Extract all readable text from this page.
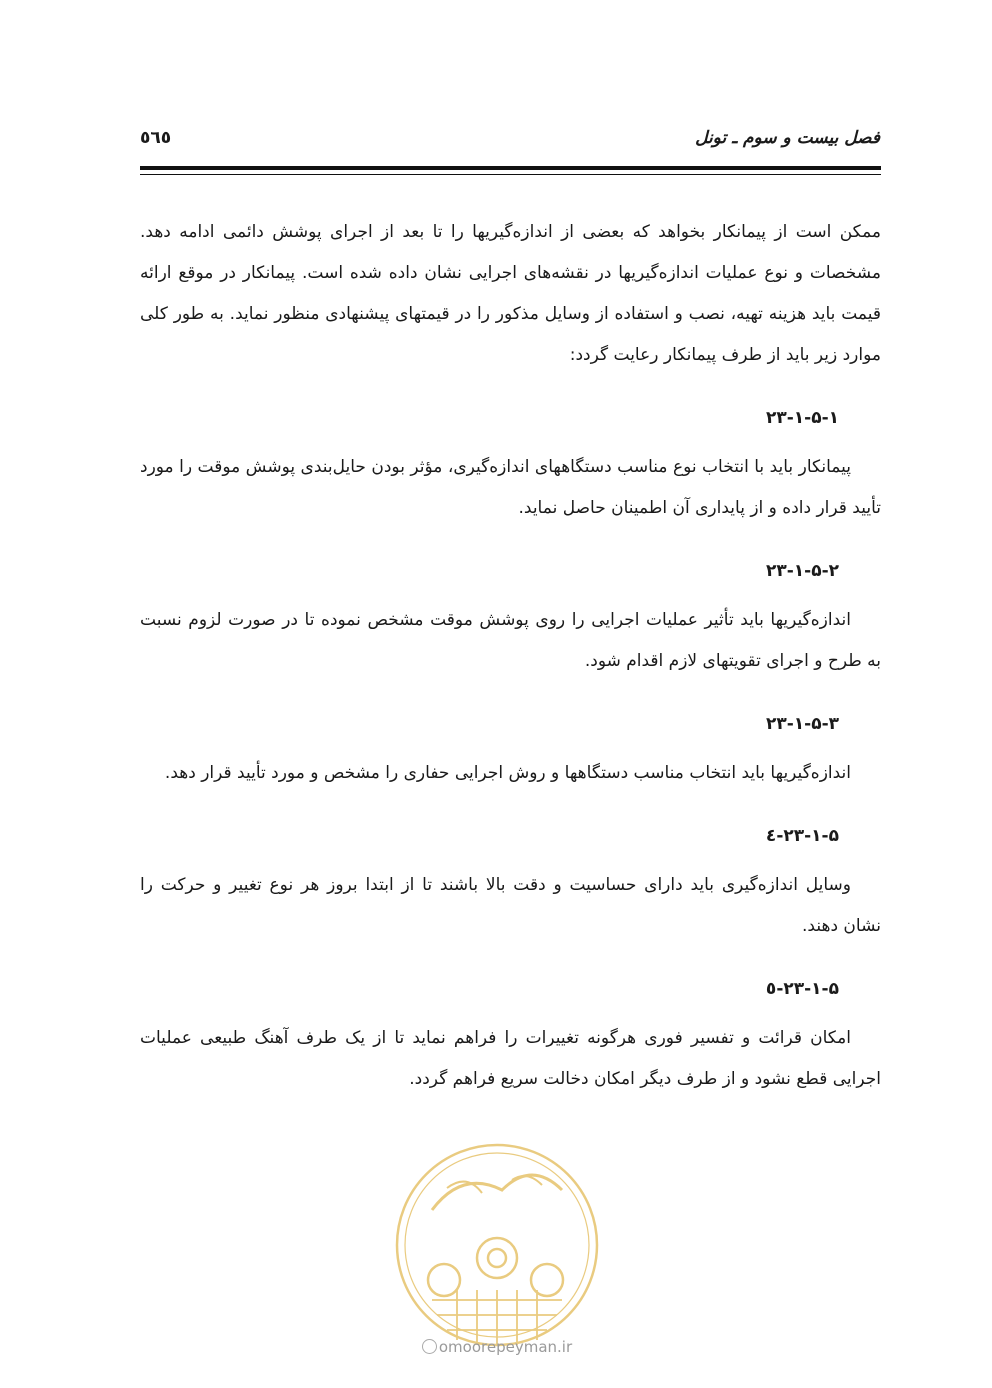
فصل بیست و سوم ـ تونل
٥٦٥

ممکن است از پیمانکار بخواهد که بعضی از اندازه‌گیریها را تا بعد از اجرای پوشش دائمی ادامه دهد. مشخصات و نوع عملیات اندازه‌گیریها در نقشه‌های اجرایی نشان داده شده است. پیمانکار در موقع ارائه قیمت باید هزینه تهیه، نصب و استفاده از وسایل مذکور را در قیمتهای پیشنهادی منظور نماید. به طور کلی موارد زیر باید از طرف پیمانکار رعایت گردد:

۲۳-۱-۵-۱

پیمانکار باید با انتخاب نوع مناسب دستگاههای اندازه‌گیری، مؤثر بودن حایل‌بندی پوشش موقت را مورد تأیید قرار داده و از پایداری آن اطمینان حاصل نماید.

۲۳-۱-۵-۲

اندازه‌گیریها باید تأثیر عملیات اجرایی را روی پوشش موقت مشخص نموده تا در صورت لزوم نسبت به طرح و اجرای تقویتهای لازم اقدام شود.

۲۳-۱-۵-۳

اندازه‌گیریها باید انتخاب مناسب دستگاهها و روش اجرایی حفاری را مشخص و مورد تأیید قرار دهد.

۲۳-۱-۵-٤

وسایل اندازه‌گیری باید دارای حساسیت و دقت بالا باشند تا از ابتدا بروز هر نوع تغییر و حرکت را نشان دهند.

۲۳-۱-۵-٥

امکان قرائت و تفسیر فوری هرگونه تغییرات را فراهم نماید تا از یک طرف آهنگ طبیعی عملیات اجرایی قطع نشود و از طرف دیگر امکان دخالت سریع فراهم گردد.

omoorepeyman.ir
